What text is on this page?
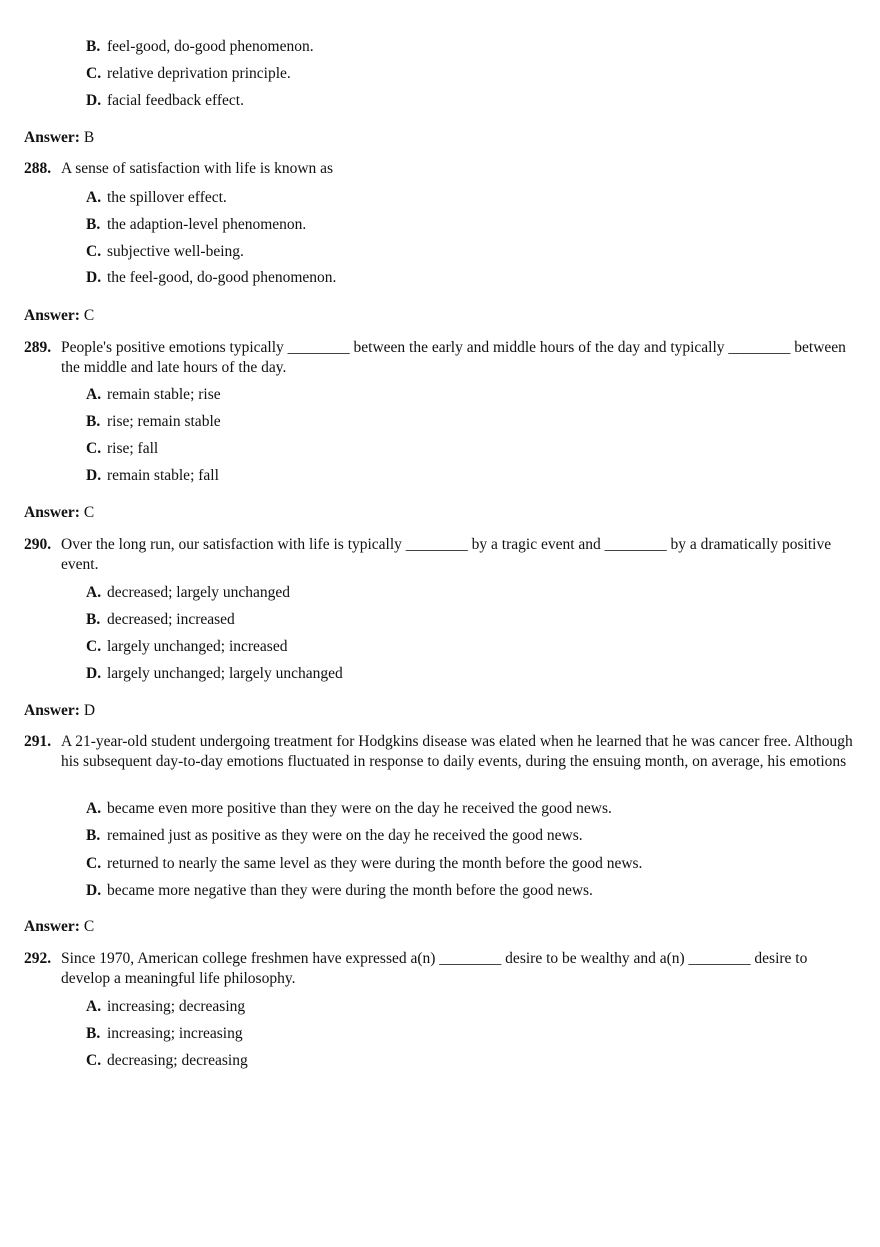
B. feel-good, do-good phenomenon.
C. relative deprivation principle.
D. facial feedback effect.
Answer: B
288. A sense of satisfaction with life is known as
A. the spillover effect.
B. the adaption-level phenomenon.
C. subjective well-being.
D. the feel-good, do-good phenomenon.
Answer: C
289. People's positive emotions typically ________ between the early and middle hours of the day and typically ________ between the middle and late hours of the day.
A. remain stable; rise
B. rise; remain stable
C. rise; fall
D. remain stable; fall
Answer: C
290. Over the long run, our satisfaction with life is typically ________ by a tragic event and ________ by a dramatically positive event.
A. decreased; largely unchanged
B. decreased; increased
C. largely unchanged; increased
D. largely unchanged; largely unchanged
Answer: D
291. A 21-year-old student undergoing treatment for Hodgkins disease was elated when he learned that he was cancer free. Although his subsequent day-to-day emotions fluctuated in response to daily events, during the ensuing month, on average, his emotions
A. became even more positive than they were on the day he received the good news.
B. remained just as positive as they were on the day he received the good news.
C. returned to nearly the same level as they were during the month before the good news.
D. became more negative than they were during the month before the good news.
Answer: C
292. Since 1970, American college freshmen have expressed a(n) ________ desire to be wealthy and a(n) ________ desire to develop a meaningful life philosophy.
A. increasing; decreasing
B. increasing; increasing
C. decreasing; decreasing
